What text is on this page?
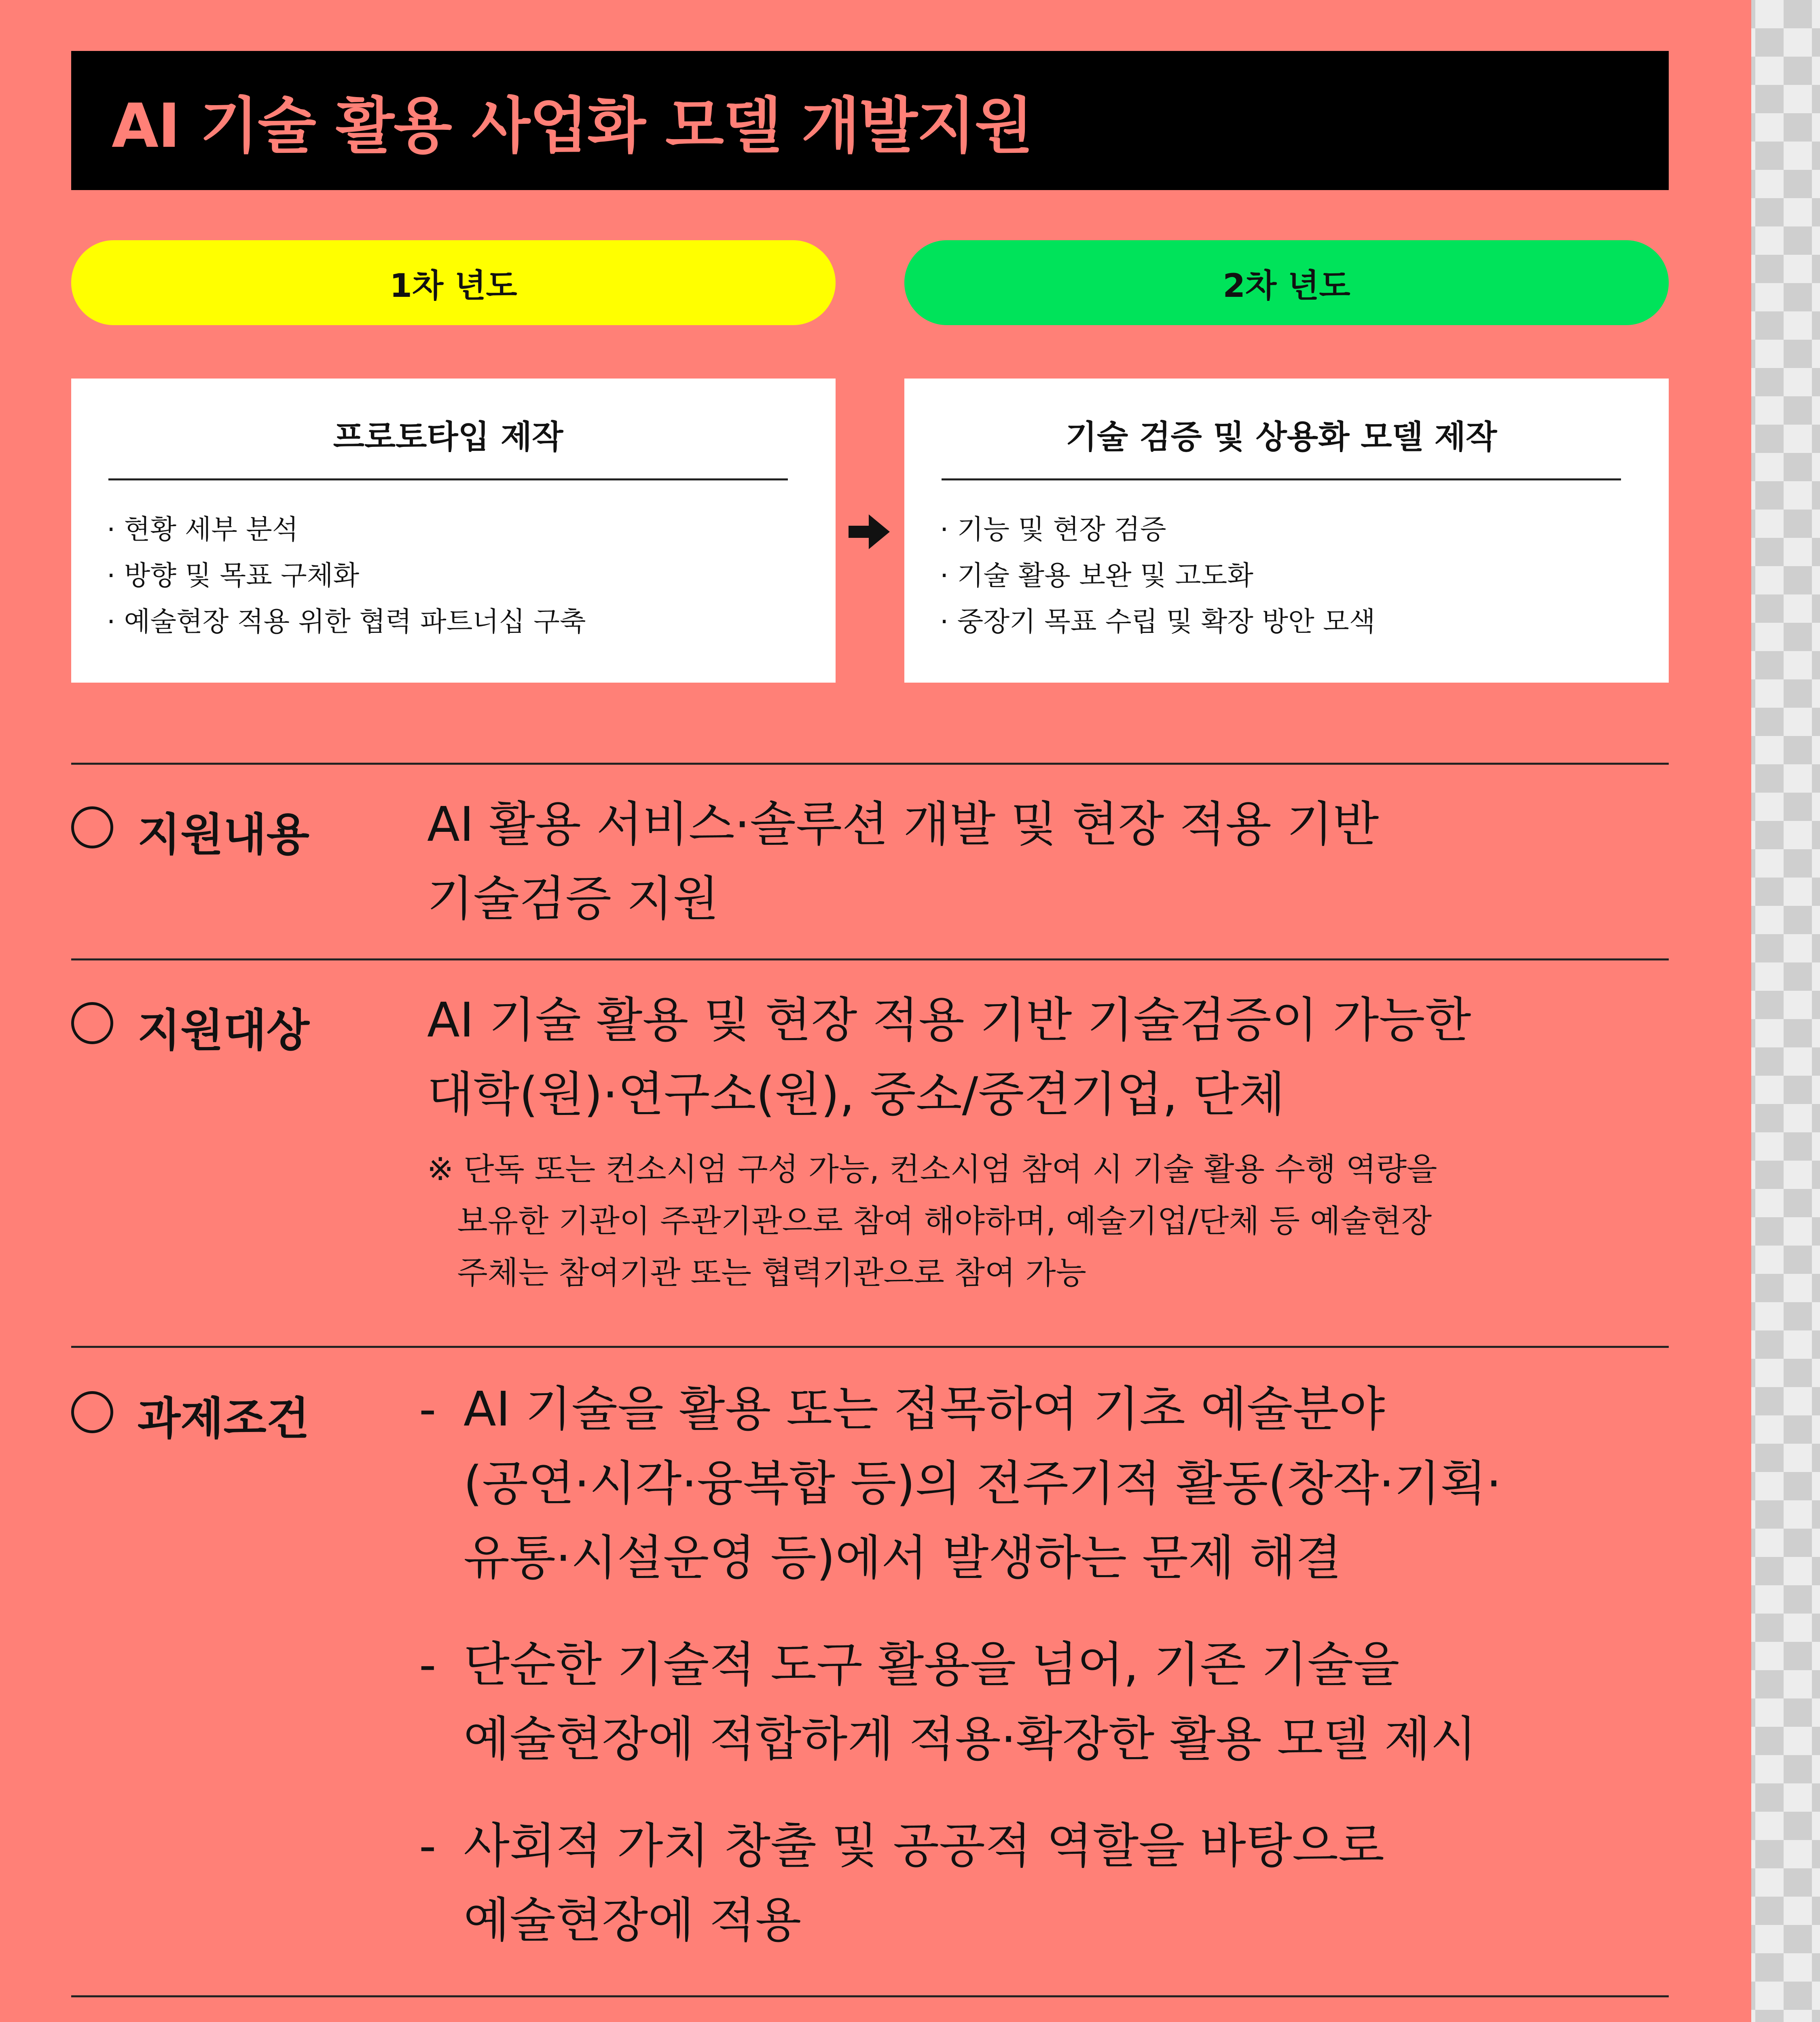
AI 기술 활용 사업화 모델 개발지원
1차 년도	2차 년도
프로토타입 제작
· 현황 세부 분석
· 방향 및 목표 구체화
· 예술현장 적용 위한 협력 파트너십 구축
기술 검증 및 상용화 모델 제작
· 기능 및 현장 검증
· 기술 활용 보완 및 고도화
· 중장기 목표 수립 및 확장 방안 모색
지원내용 AI 활용 서비스·솔루션 개발 및 현장 적용 기반
기술검증 지원
지원대상 AI 기술 활용 및 현장 적용 기반 기술검증이 가능한
대학(원)·연구소(원), 중소/중견기업, 단체
※ 단독 또는 컨소시엄 구성 가능, 컨소시엄 참여 시 기술 활용 수행 역량을
보유한 기관이 주관기관으로 참여 해야하며, 예술기업/단체 등 예술현장
주체는 참여기관 또는 협력기관으로 참여 가능
과제조건
-	AI 기술을 활용 또는 접목하여 기초 예술분야
(공연·시각·융복합 등)의 전주기적 활동(창작·기획·
유통·시설운영 등)에서 발생하는 문제 해결
- 단순한 기술적 도구 활용을 넘어, 기존 기술을
예술현장에 적합하게 적용·확장한 활용 모델 제시
- 사회적 가치 창출 및 공공적 역할을 바탕으로
예술현장에 적용
